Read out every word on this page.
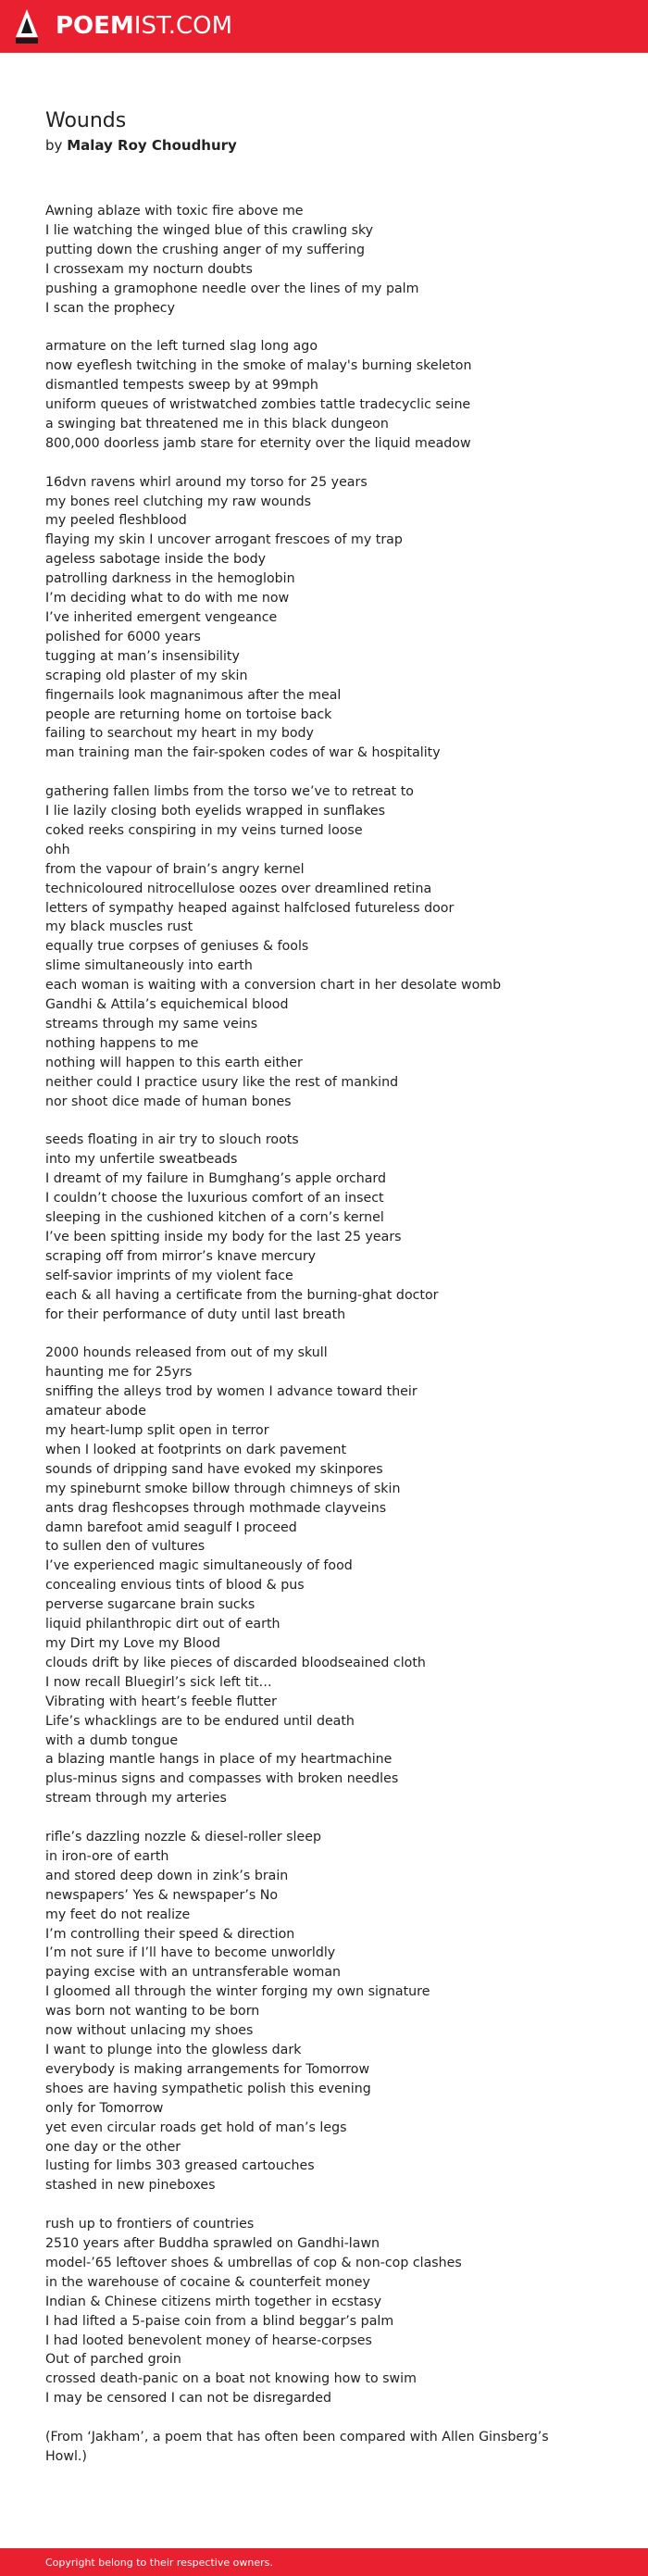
POEMIST.COM
Wounds
by Malay Roy Choudhury
Awning ablaze with toxic fire above me
I lie watching the winged blue of this crawling sky
putting down the crushing anger of my suffering
I crossexam my nocturn doubts
pushing a gramophone needle over the lines of my palm
I scan the prophecy
armature on the left turned slag long ago
now eyeflesh twitching in the smoke of malay's burning skeleton
dismantled tempests sweep by at 99mph
uniform queues of wristwatched zombies tattle tradecyclic seine
a swinging bat threatened me in this black dungeon
800,000 doorless jamb stare for eternity over the liquid meadow
16dvn ravens whirl around my torso for 25 years
my bones reel clutching my raw wounds
my peeled fleshblood
flaying my skin I uncover arrogant frescoes of my trap
ageless sabotage inside the body
patrolling darkness in the hemoglobin
I’m deciding what to do with me now
I’ve inherited emergent vengeance
polished for 6000 years
tugging at man’s insensibility
scraping old plaster of my skin
fingernails look magnanimous after the meal
people are returning home on tortoise back
failing to searchout my heart in my body
man training man the fair-spoken codes of war & hospitality
gathering fallen limbs from the torso we’ve to retreat to
I lie lazily closing both eyelids wrapped in sunflakes
coked reeks conspiring in my veins turned loose
ohh
from the vapour of brain’s angry kernel
technicoloured nitrocellulose oozes over dreamlined retina
letters of sympathy heaped against halfclosed futureless door
my black muscles rust
equally true corpses of geniuses & fools
slime simultaneously into earth
each woman is waiting with a conversion chart in her desolate womb
Gandhi & Attila’s equichemical blood
streams through my same veins
nothing happens to me
nothing will happen to this earth either
neither could I practice usury like the rest of mankind
nor shoot dice made of human bones
seeds floating in air try to slouch roots
into my unfertile sweatbeads
I dreamt of my failure in Bumghang’s apple orchard
I couldn’t choose the luxurious comfort of an insect
sleeping in the cushioned kitchen of a corn’s kernel
I’ve been spitting inside my body for the last 25 years
scraping off from mirror’s knave mercury
self-savior imprints of my violent face
each & all having a certificate from the burning-ghat doctor
for their performance of duty until last breath
2000 hounds released from out of my skull
haunting me for 25yrs
sniffing the alleys trod by women I advance toward their
amateur abode
my heart-lump split open in terror
when I looked at footprints on dark pavement
sounds of dripping sand have evoked my skinpores
my spineburnt smoke billow through chimneys of skin
ants drag fleshcopses through mothmade clayveins
damn barefoot amid seagulf I proceed
to sullen den of vultures
I’ve experienced magic simultaneously of food
concealing envious tints of blood & pus
perverse sugarcane brain sucks
liquid philanthropic dirt out of earth
my Dirt my Love my Blood
clouds drift by like pieces of discarded bloodseained cloth
I now recall Bluegirl’s sick left tit…
Vibrating with heart’s feeble flutter
Life’s whacklings are to be endured until death
with a dumb tongue
a blazing mantle hangs in place of my heartmachine
plus-minus signs and compasses with broken needles
stream through my arteries
rifle’s dazzling nozzle & diesel-roller sleep
in iron-ore of earth
and stored deep down in zink’s brain
newspapers’ Yes & newspaper’s No
my feet do not realize
I’m controlling their speed & direction
I’m not sure if I’ll have to become unworldly
paying excise with an untransferable woman
I gloomed all through the winter forging my own signature
was born not wanting to be born
now without unlacing my shoes
I want to plunge into the glowless dark
everybody is making arrangements for Tomorrow
shoes are having sympathetic polish this evening
only for Tomorrow
yet even circular roads get hold of man’s legs
one day or the other
lusting for limbs 303 greased cartouches
stashed in new pineboxes
rush up to frontiers of countries
2510 years after Buddha sprawled on Gandhi-lawn
model-’65 leftover shoes & umbrellas of cop & non-cop clashes
in the warehouse of cocaine & counterfeit money
Indian & Chinese citizens mirth together in ecstasy
I had lifted a 5-paise coin from a blind beggar’s palm
I had looted benevolent money of hearse-corpses
Out of parched groin
crossed death-panic on a boat not knowing how to swim
I may be censored I can not be disregarded
(From ‘Jakham’, a poem that has often been compared with Allen Ginsberg’s Howl.)
Copyright belong to their respective owners.
